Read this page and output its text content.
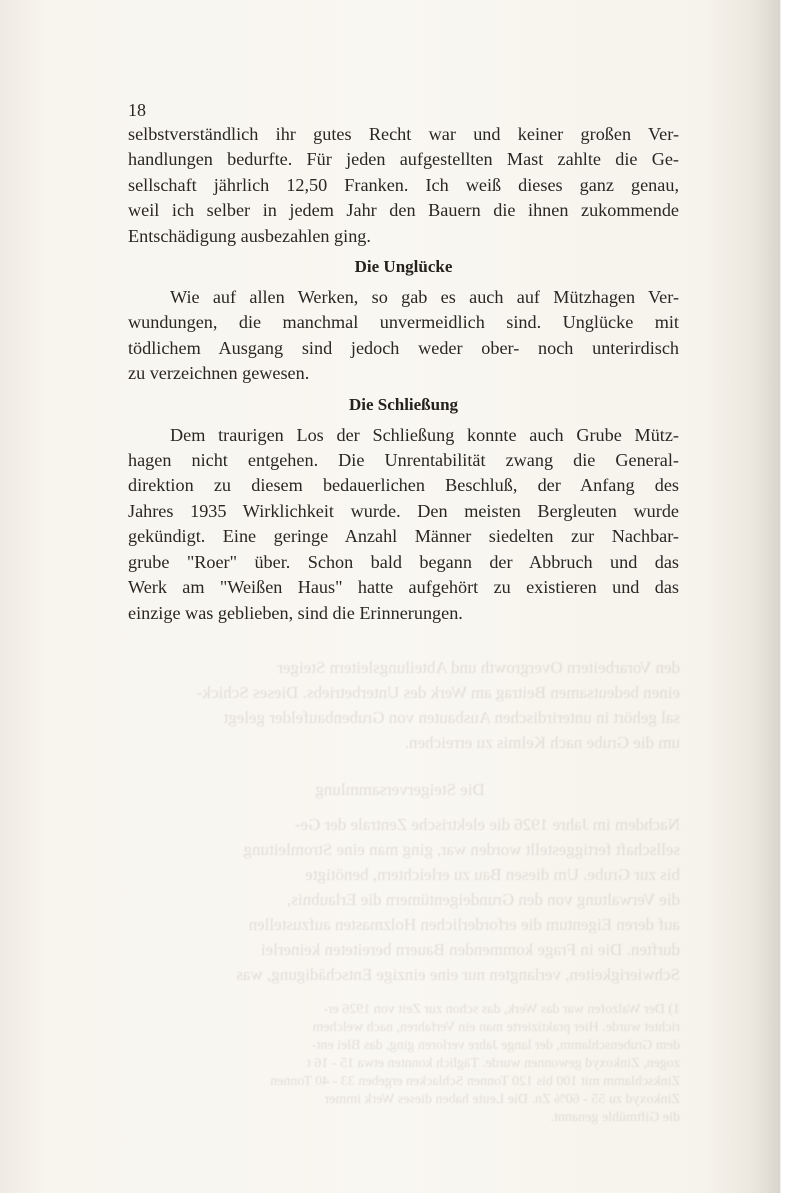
den Vorarbeitern Overgrowth und Abteilungsleitern Steiger
einen bedeutsamen Beitrag am Werk des Unterbetriebs. Dieses Schick-
sal gehört in unterirdischen Ausbauten von Grubenbaufelder gelegt
um die Grube nach Kelmis zu erreichen.
Die Steigerversammlung
Nachdem im Jahre 1926 die elektrische Zentrale der Ge-
sellschaft fertiggestellt worden war, ging man eine Stromleitung
bis zur Grube. Um diesen Bau zu erleichtern, benötigte
die Verwaltung von den Grundeigentümern die Erlaubnis,
auf deren Eigentum die erforderlichen Holzmasten aufzustellen
durften. Die in Frage kommenden Bauern bereiteten keinerlei
Schwierigkeiten, verlangten nur eine einzige Entschädigung, was
1) Der Walzofen war das Werk, das schon zur Zeit von 1926 er-
richtet wurde. Hier praktizierte man ein Verfahren, nach welchem
dem Grubenschlamm, der lange Jahre verloren ging, das Blei ent-
zogen, Zinkoxyd gewonnen wurde. Täglich konnten etwa 15 - 16 t
Zinkschlamm mit 100 bis 120 Tonnen Schlacken ergeben 33 - 40 Tonnen
Zinkoxyd zu 55 - 60% Zn. Die Leute haben dieses Werk immer
die Giftmühle genannt.
18

selbstverständlich ihr gutes Recht war und keiner großen Ver-
handlungen bedurfte. Für jeden aufgestellten Mast zahlte die Ge-
sellschaft jährlich 12,50 Franken. Ich weiß dieses ganz genau,
weil ich selber in jedem Jahr den Bauern die ihnen zukommende
Entschädigung ausbezahlen ging.

Die Unglücke

Wie auf allen Werken, so gab es auch auf Mützhagen Ver-
wundungen, die manchmal unvermeidlich sind. Unglücke mit
tödlichem Ausgang sind jedoch weder ober- noch unterirdisch
zu verzeichnen gewesen.

Die Schließung

Dem traurigen Los der Schließung konnte auch Grube Mütz-
hagen nicht entgehen. Die Unrentabilität zwang die General-
direktion zu diesem bedauerlichen Beschluß, der Anfang des
Jahres 1935 Wirklichkeit wurde. Den meisten Bergleuten wurde
gekündigt. Eine geringe Anzahl Männer siedelten zur Nachbar-
grube "Roer" über. Schon bald begann der Abbruch und das
Werk am "Weißen Haus" hatte aufgehört zu existieren und das
einzige was geblieben, sind die Erinnerungen.
